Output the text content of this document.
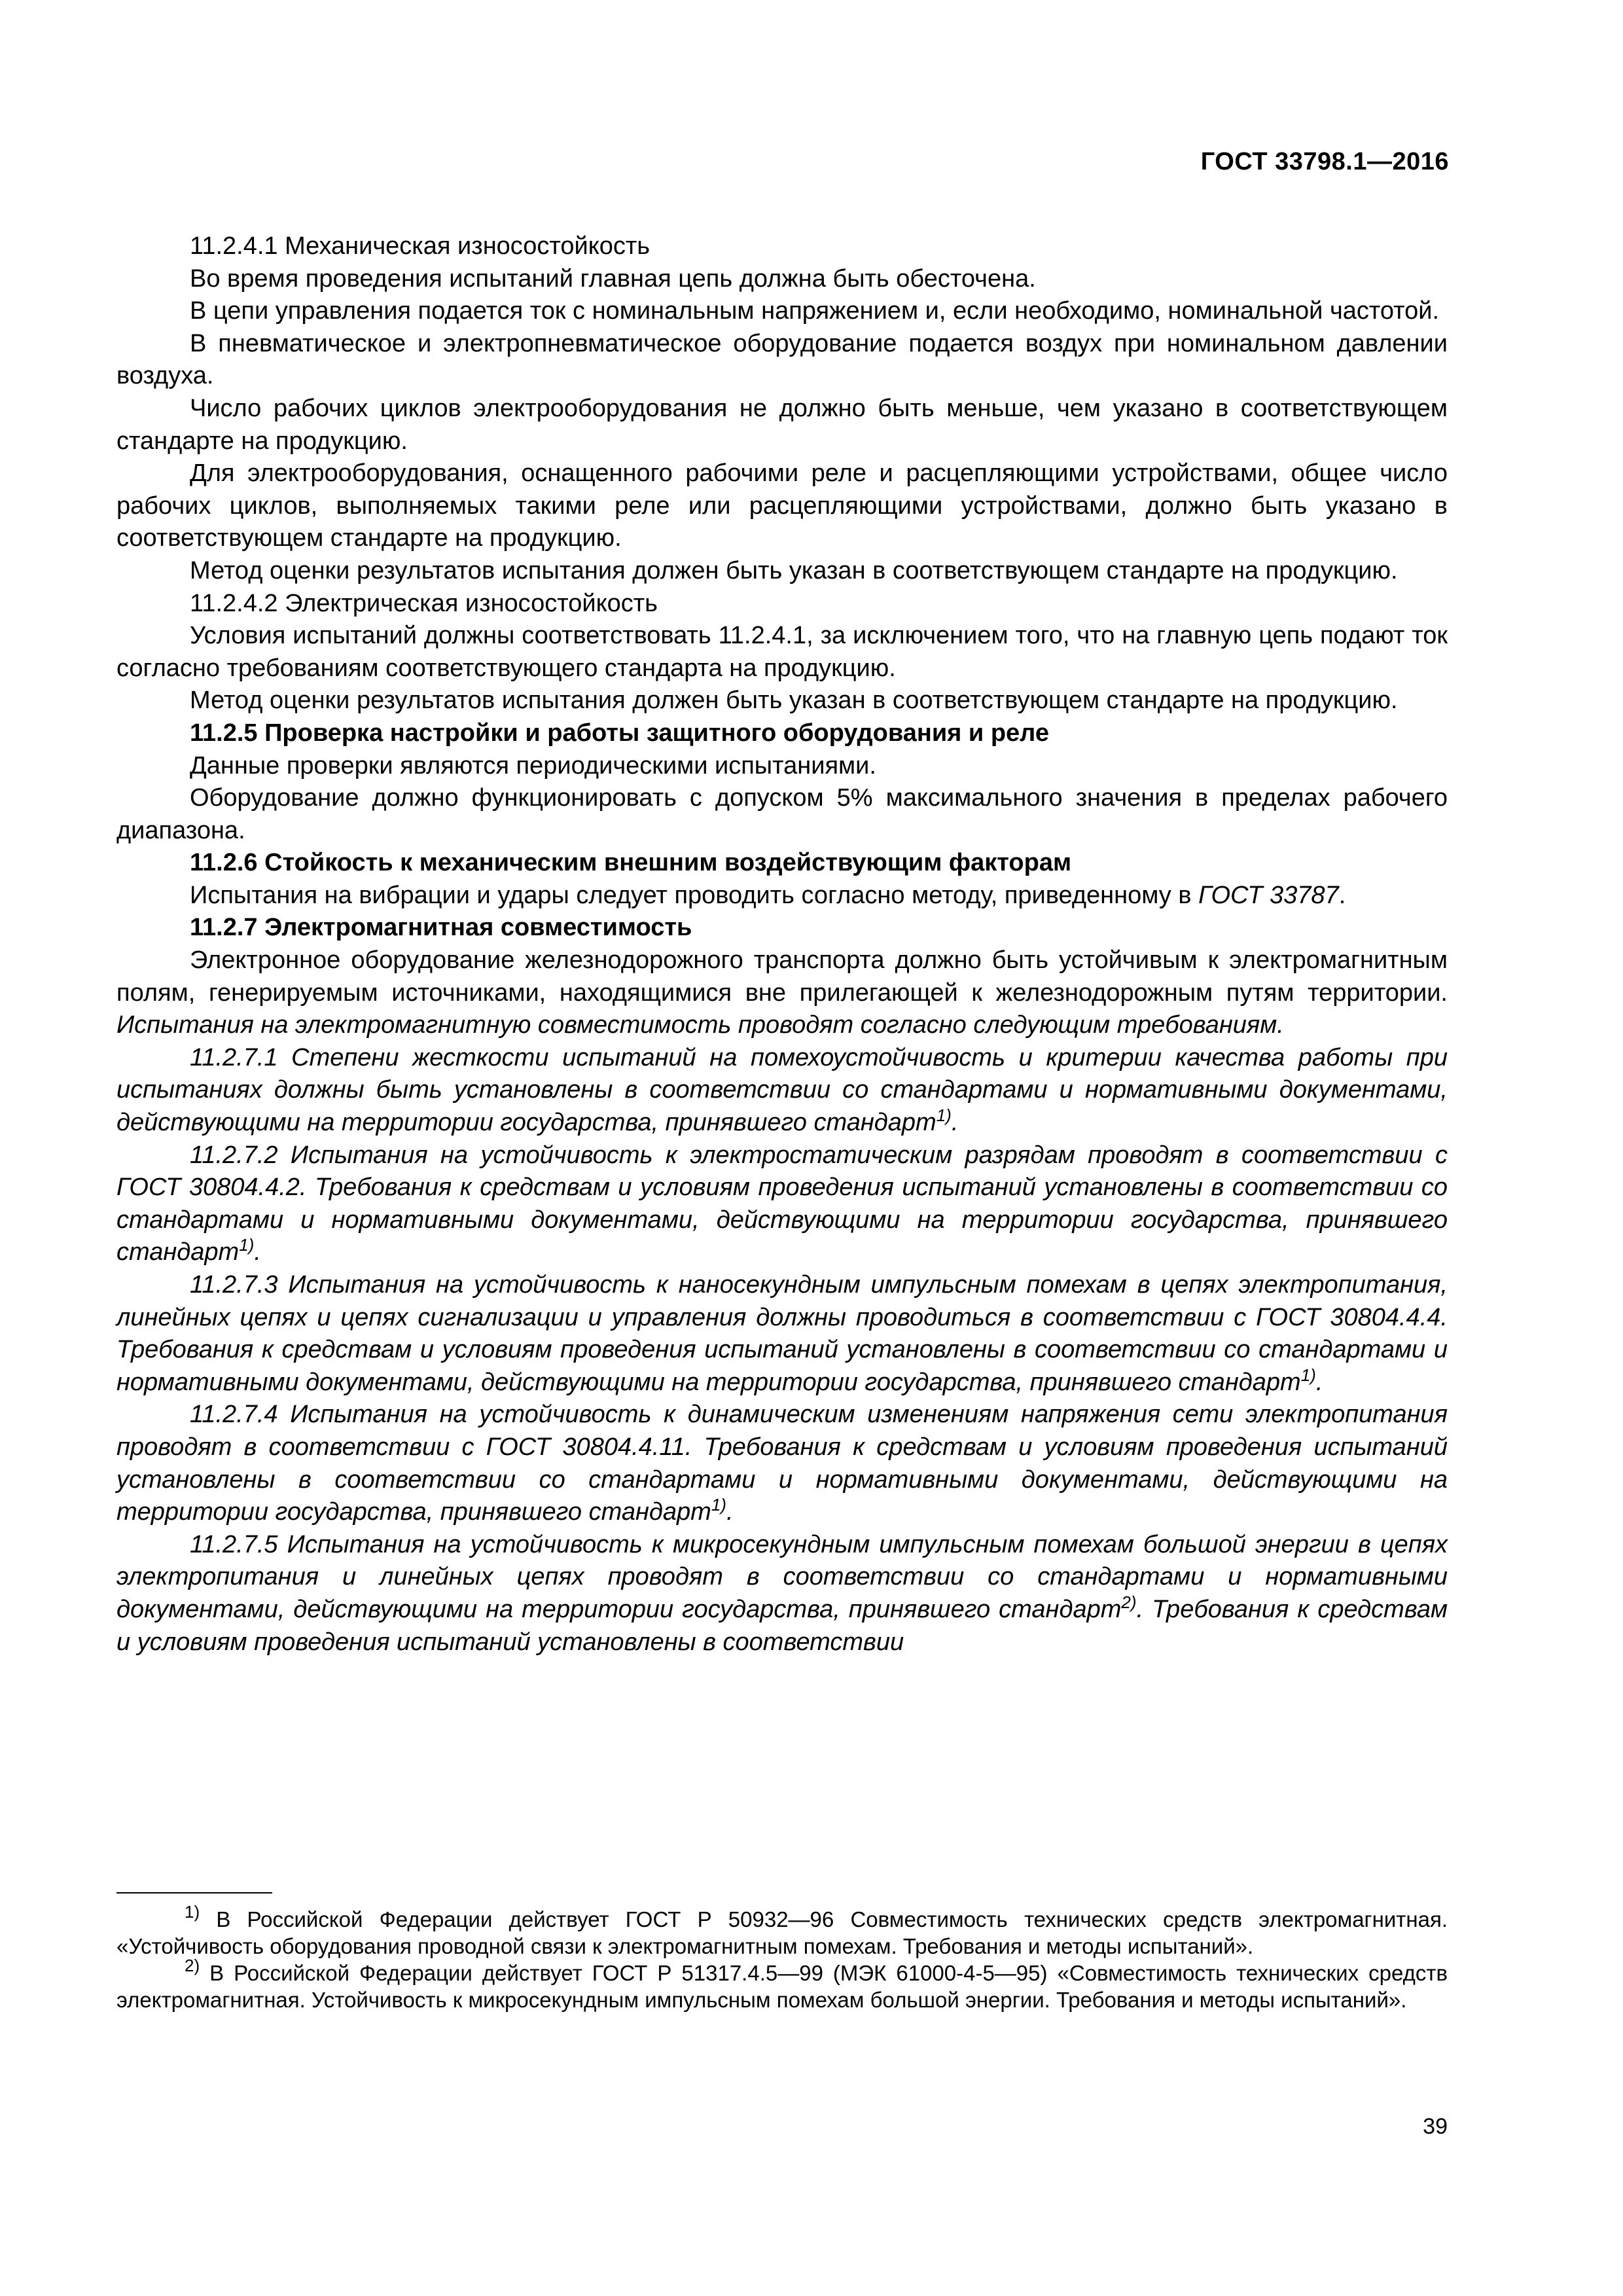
ГОСТ 33798.1—2016

11.2.4.1 Механическая износостойкость

Во время проведения испытаний главная цепь должна быть обесточена.

В цепи управления подается ток с номинальным напряжением и, если необходимо, номинальной частотой.

В пневматическое и электропневматическое оборудование подается воздух при номинальном давлении воздуха.

Число рабочих циклов электрооборудования не должно быть меньше, чем указано в соответствующем стандарте на продукцию.

Для электрооборудования, оснащенного рабочими реле и расцепляющими устройствами, общее число рабочих циклов, выполняемых такими реле или расцепляющими устройствами, должно быть указано в соответствующем стандарте на продукцию.

Метод оценки результатов испытания должен быть указан в соответствующем стандарте на продукцию.

11.2.4.2 Электрическая износостойкость

Условия испытаний должны соответствовать 11.2.4.1, за исключением того, что на главную цепь подают ток согласно требованиям соответствующего стандарта на продукцию.

Метод оценки результатов испытания должен быть указан в соответствующем стандарте на продукцию.

11.2.5 Проверка настройки и работы защитного оборудования и реле

Данные проверки являются периодическими испытаниями.

Оборудование должно функционировать с допуском 5% максимального значения в пределах рабочего диапазона.

11.2.6 Стойкость к механическим внешним воздействующим факторам

Испытания на вибрации и удары следует проводить согласно методу, приведенному в ГОСТ 33787.

11.2.7 Электромагнитная совместимость

Электронное оборудование железнодорожного транспорта должно быть устойчивым к электромагнитным полям, генерируемым источниками, находящимися вне прилегающей к железнодорожным путям территории. Испытания на электромагнитную совместимость проводят согласно следующим требованиям.

11.2.7.1 Степени жесткости испытаний на помехоустойчивость и критерии качества работы при испытаниях должны быть установлены в соответствии со стандартами и нормативными документами, действующими на территории государства, принявшего стандарт$^{1)}$.

11.2.7.2 Испытания на устойчивость к электростатическим разрядам проводят в соответствии с ГОСТ 30804.4.2. Требования к средствам и условиям проведения испытаний установлены в соответствии со стандартами и нормативными документами, действующими на территории государства, принявшего стандарт$^{1)}$.

11.2.7.3 Испытания на устойчивость к наносекундным импульсным помехам в цепях электропитания, линейных цепях и цепях сигнализации и управления должны проводиться в соответствии с ГОСТ 30804.4.4. Требования к средствам и условиям проведения испытаний установлены в соответствии со стандартами и нормативными документами, действующими на территории государства, принявшего стандарт$^{1)}$.

11.2.7.4 Испытания на устойчивость к динамическим изменениям напряжения сети электропитания проводят в соответствии с ГОСТ 30804.4.11. Требования к средствам и условиям проведения испытаний установлены в соответствии со стандартами и нормативными документами, действующими на территории государства, принявшего стандарт$^{1)}$.

11.2.7.5 Испытания на устойчивость к микросекундным импульсным помехам большой энергии в цепях электропитания и линейных цепях проводят в соответствии со стандартами и нормативными документами, действующими на территории государства, принявшего стандарт$^{2)}$. Требования к средствам и условиям проведения испытаний установлены в соответствии

$^{1)}$ В Российской Федерации действует ГОСТ Р 50932—96 Совместимость технических средств электромагнитная. «Устойчивость оборудования проводной связи к электромагнитным помехам. Требования и методы испытаний».

$^{2)}$ В Российской Федерации действует ГОСТ Р 51317.4.5—99 (МЭК 61000-4-5—95) «Совместимость технических средств электромагнитная. Устойчивость к микросекундным импульсным помехам большой энергии. Требования и методы испытаний».

39
